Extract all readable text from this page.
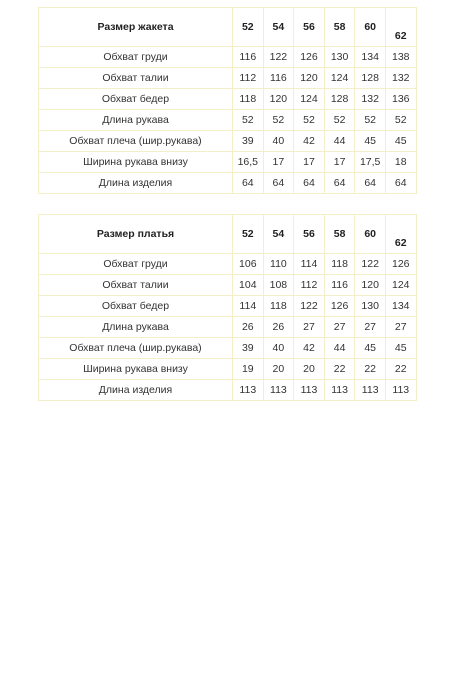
Размер жакета	52	54	56	58	60	62
Обхват груди	116	122	126	130	134	138
Обхват талии	112	116	120	124	128	132
Обхват бедер	118	120	124	128	132	136
Длина рукава	52	52	52	52	52	52
Обхват плеча (шир.рукава)	39	40	42	44	45	45
Ширина рукава внизу	16,5	17	17	17	17,5	18
Длина изделия	64	64	64	64	64	64
Размер платья	52	54	56	58	60	62
Обхват груди	106	110	114	118	122	126
Обхват талии	104	108	112	116	120	124
Обхват бедер	114	118	122	126	130	134
Длина рукава	26	26	27	27	27	27
Обхват плеча (шир.рукава)	39	40	42	44	45	45
Ширина рукава внизу	19	20	20	22	22	22
Длина изделия	113	113	113	113	113	113
